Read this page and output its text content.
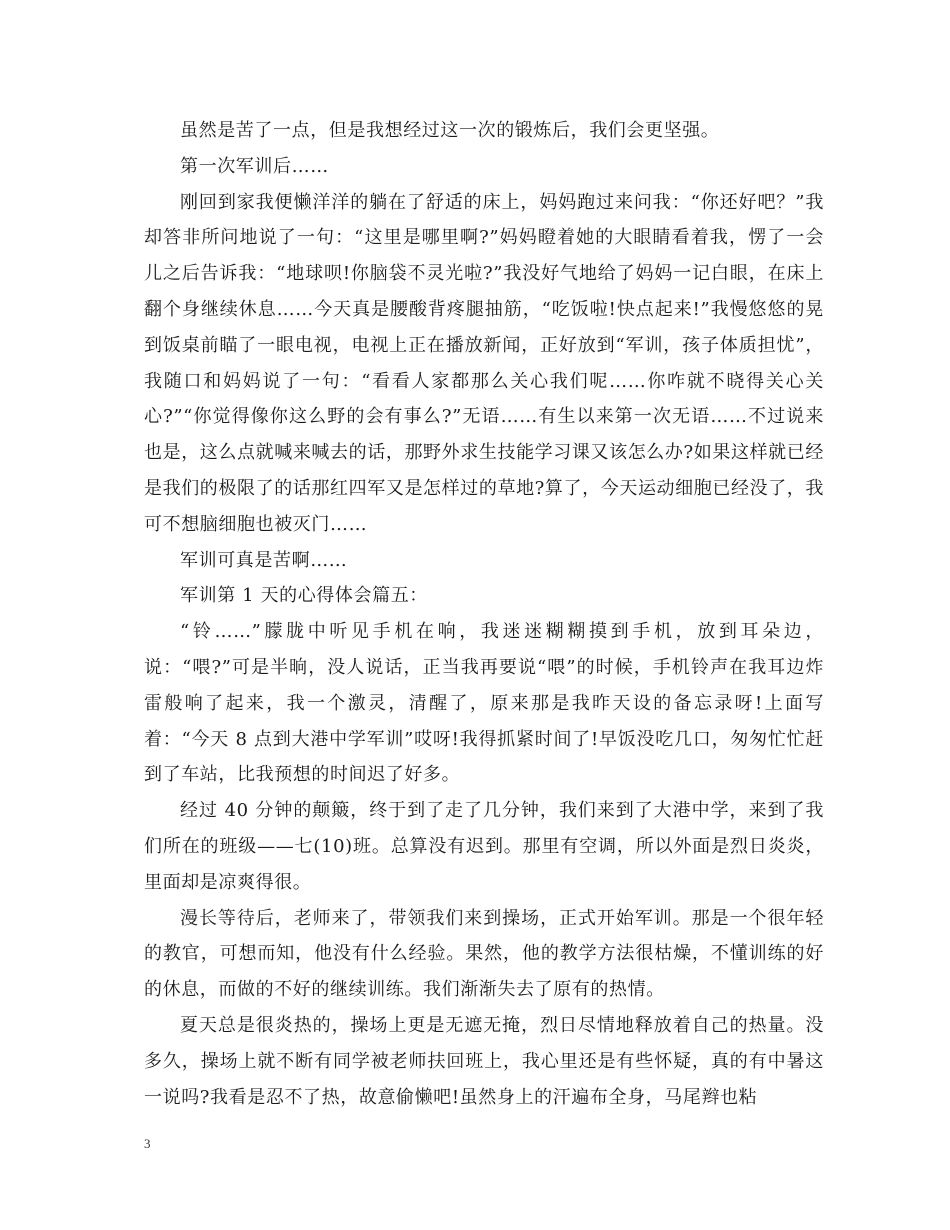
虽然是苦了一点，但是我想经过这一次的锻炼后，我们会更坚强。

第一次军训后……

刚回到家我便懒洋洋的躺在了舒适的床上，妈妈跑过来问我：“你还好吧？”我却答非所问地说了一句：“这里是哪里啊?”妈妈瞪着她的大眼睛看着我，愣了一会儿之后告诉我：“地球呗!你脑袋不灵光啦?”我没好气地给了妈妈一记白眼，在床上翻个身继续休息……今天真是腰酸背疼腿抽筋，“吃饭啦!快点起来!”我慢悠悠的晃到饭桌前瞄了一眼电视，电视上正在播放新闻，正好放到“军训，孩子体质担忧”，我随口和妈妈说了一句：“看看人家都那么关心我们呢……你咋就不晓得关心关心?”“你觉得像你这么野的会有事么?”无语……有生以来第一次无语……不过说来也是，这么点就喊来喊去的话，那野外求生技能学习课又该怎么办?如果这样就已经是我们的极限了的话那红四军又是怎样过的草地?算了，今天运动细胞已经没了，我可不想脑细胞也被灭门……

军训可真是苦啊……

军训第 1 天的心得体会篇五：

“铃……”朦胧中听见手机在响，我迷迷糊糊摸到手机，放到耳朵边，说：“喂?”可是半晌，没人说话，正当我再要说“喂”的时候，手机铃声在我耳边炸雷般响了起来，我一个激灵，清醒了，原来那是我昨天设的备忘录呀!上面写着：“今天 8 点到大港中学军训”哎呀!我得抓紧时间了!早饭没吃几口，匆匆忙忙赶到了车站，比我预想的时间迟了好多。

经过 40 分钟的颠簸，终于到了走了几分钟，我们来到了大港中学，来到了我们所在的班级——七(10)班。总算没有迟到。那里有空调，所以外面是烈日炎炎，里面却是凉爽得很。

漫长等待后，老师来了，带领我们来到操场，正式开始军训。那是一个很年轻的教官，可想而知，他没有什么经验。果然，他的教学方法很枯燥，不懂训练的好的休息，而做的不好的继续训练。我们渐渐失去了原有的热情。

夏天总是很炎热的，操场上更是无遮无掩，烈日尽情地释放着自己的热量。没多久，操场上就不断有同学被老师扶回班上，我心里还是有些怀疑，真的有中暑这一说吗?我看是忍不了热，故意偷懒吧!虽然身上的汗遍布全身，马尾辫也粘

3
